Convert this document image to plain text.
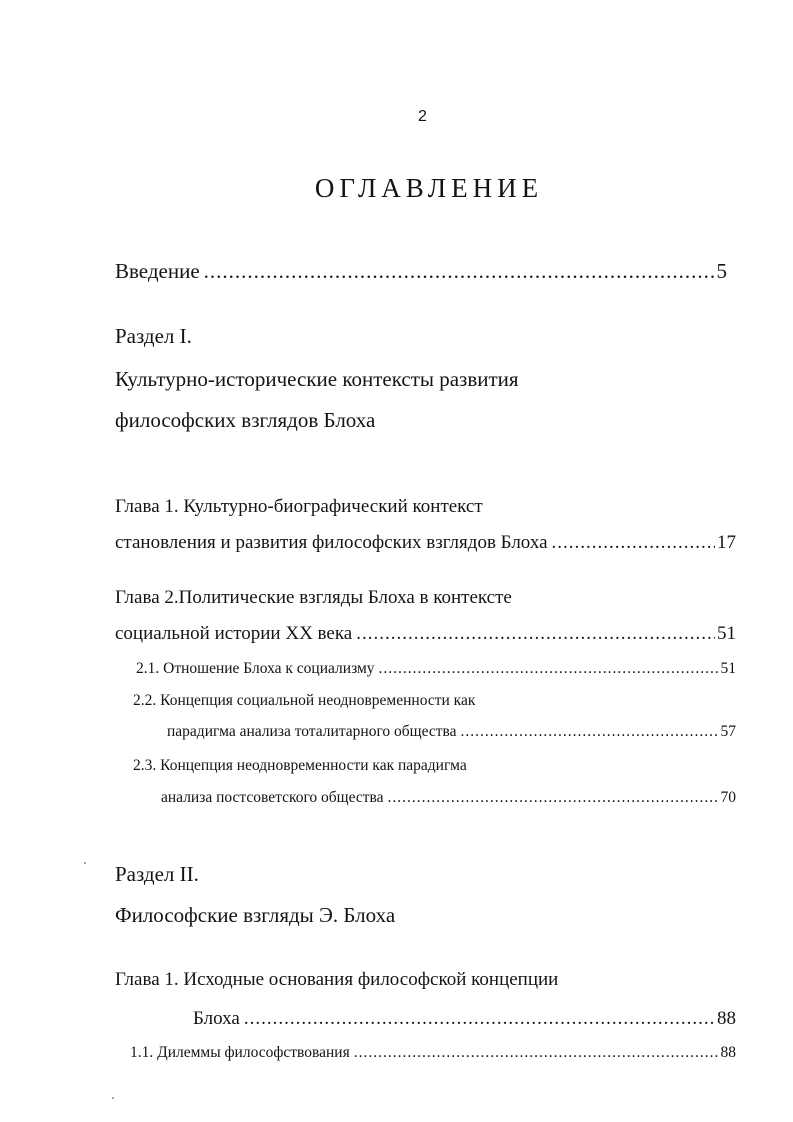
2
ОГЛАВЛЕНИЕ
Введение .....	5
Раздел I.
Культурно-исторические контексты развития
философских взглядов Блоха
Глава 1. Культурно-биографический контекст
становления и развития философских взглядов Блоха .....	17
Глава 2.Политические взгляды Блоха в контексте
социальной истории XX века .....	51
2.1. Отношение Блоха к социализму .....	51
2.2. Концепция социальной неодновременности как
парадигма анализа тоталитарного общества .....	57
2.3. Концепция неодновременности как парадигма
анализа постсоветского общества .....	70
Раздел II.
Философские взгляды Э. Блоха
Глава 1. Исходные основания философской концепции
Блоха .....	88
1.1. Дилеммы философствования .....	88
